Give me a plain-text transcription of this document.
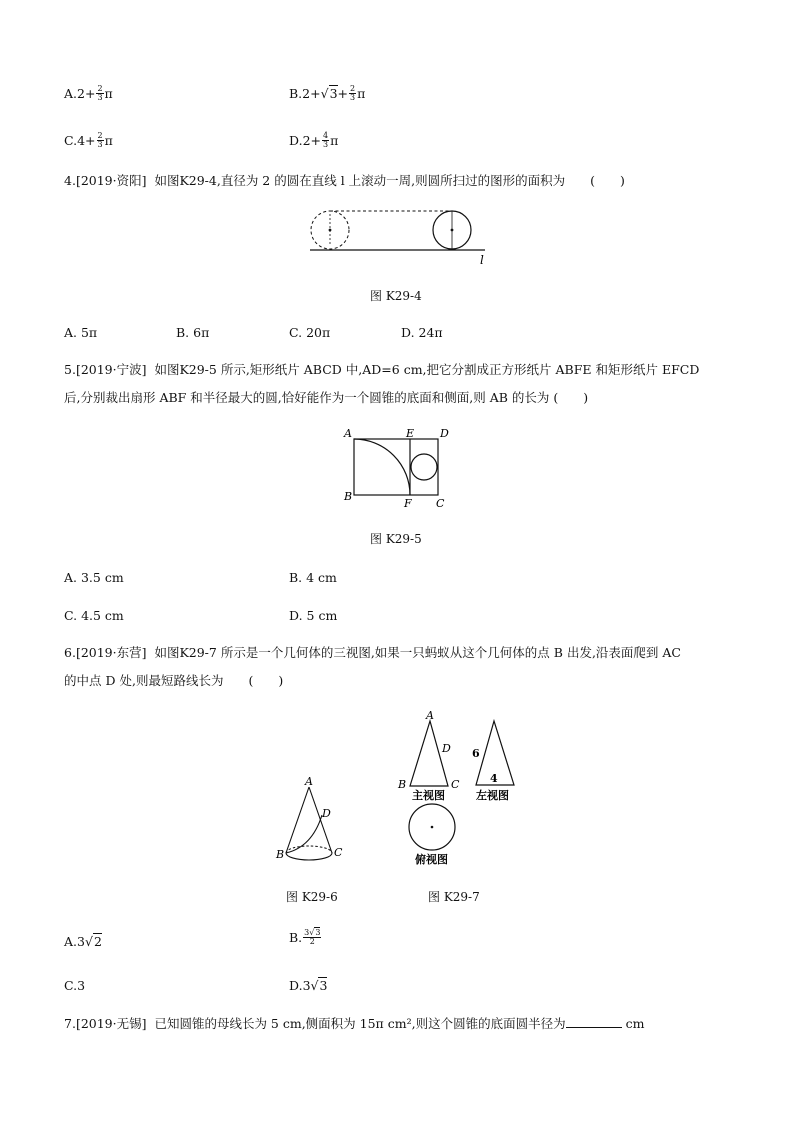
$A.2+ \frac{2}{3}$ π	$B.2+√3+ \frac{2}{3}$ π
$C.4+ \frac{2}{3}$ π	$D.2+ \frac{4}{3}$ π
4.[2019·资阳] 如图K29-4,直径为 2 的圆在直线 l 上滚动一周,则圆所扫过的图形的面积为　　(　　)
l
图 K29-4
A. 5π	B. 6π	C. 20π	D. 24π
5.[2019·宁波] 如图K29-5 所示,矩形纸片 ABCD 中,AD=6 cm,把它分割成正方形纸片 ABFE 和矩形纸片 EFCD
后,分别裁出扇形 ABF 和半径最大的圆,恰好能作为一个圆锥的底面和侧面,则 AB 的长为 (　　)
A	E D
B
F C
图 K29-5
A. 3.5 cm	B. 4 cm
C. 4.5 cm	D. 5 cm
6.[2019·东营] 如图K29-7 所示是一个几何体的三视图,如果一只蚂蚁从这个几何体的点 B 出发,沿表面爬到 AC
的中点 D 处,则最短路线长为　　(　　)
A
D
B	C
A
D
B	C
主视图
6
4
左视图
俯视图
图 K29-6	图 K29-7
A.3√2	B. $\frac{3√3}{2}$
C.3	D.3√3
7.[2019·无锡] 已知圆锥的母线长为 5 cm,侧面积为 15π cm²,则这个圆锥的底面圆半径为	cm
